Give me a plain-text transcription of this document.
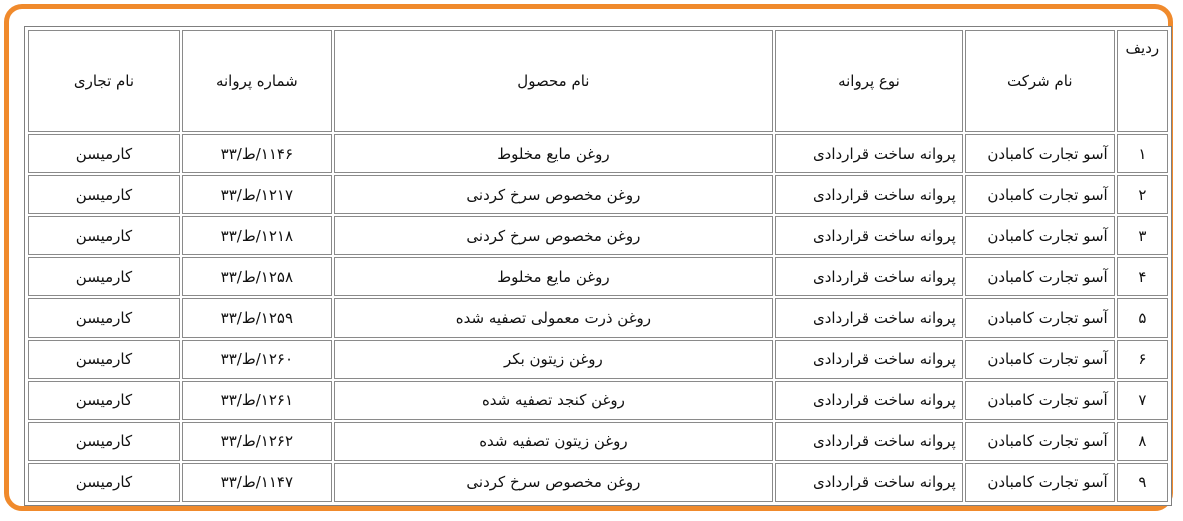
ردیف	نام شرکت	نوع پروانه	نام محصول	شماره پروانه	نام تجاری
۱	آسو تجارت کامبادن	پروانه ساخت قراردادی	روغن مایع مخلوط	۱۱۴۶/ط/۳۳	کارمیسن
۲	آسو تجارت کامبادن	پروانه ساخت قراردادی	روغن مخصوص سرخ کردنی	۱۲۱۷/ط/۳۳	کارمیسن
۳	آسو تجارت کامبادن	پروانه ساخت قراردادی	روغن مخصوص سرخ کردنی	۱۲۱۸/ط/۳۳	کارمیسن
۴	آسو تجارت کامبادن	پروانه ساخت قراردادی	روغن مایع مخلوط	۱۲۵۸/ط/۳۳	کارمیسن
۵	آسو تجارت کامبادن	پروانه ساخت قراردادی	روغن ذرت معمولی تصفیه شده	۱۲۵۹/ط/۳۳	کارمیسن
۶	آسو تجارت کامبادن	پروانه ساخت قراردادی	روغن زیتون بکر	۱۲۶۰/ط/۳۳	کارمیسن
۷	آسو تجارت کامبادن	پروانه ساخت قراردادی	روغن کنجد تصفیه شده	۱۲۶۱/ط/۳۳	کارمیسن
۸	آسو تجارت کامبادن	پروانه ساخت قراردادی	روغن زیتون تصفیه شده	۱۲۶۲/ط/۳۳	کارمیسن
۹	آسو تجارت کامبادن	پروانه ساخت قراردادی	روغن مخصوص سرخ کردنی	۱۱۴۷/ط/۳۳	کارمیسن
